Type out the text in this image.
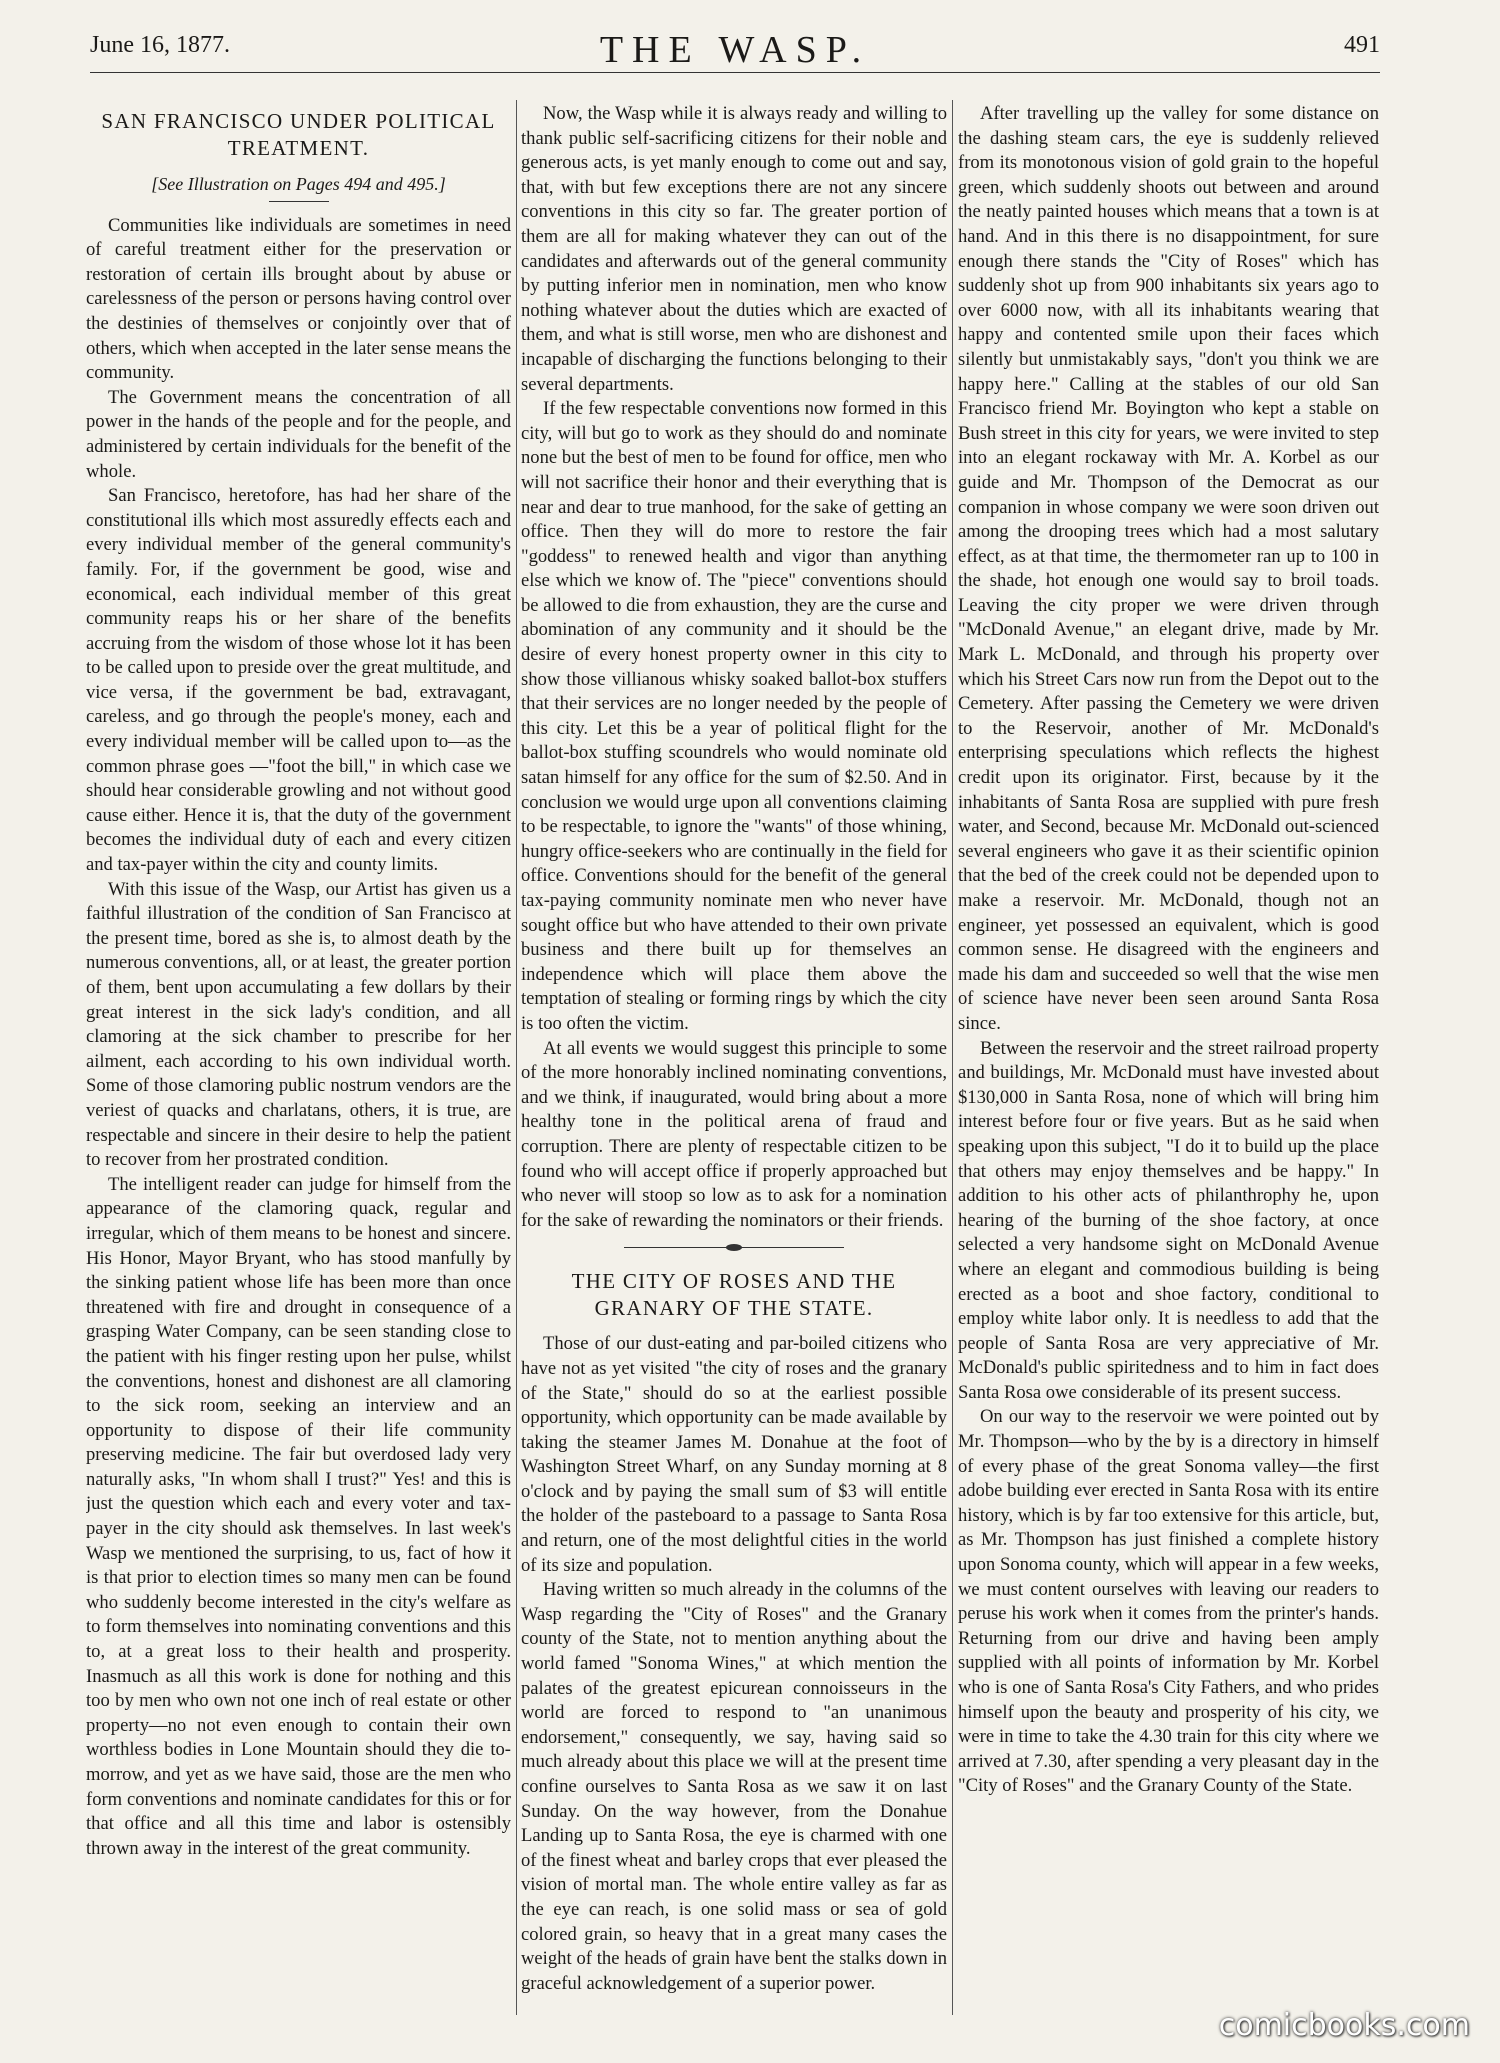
June 16, 1877.	THE WASP.	491
SAN FRANCISCO UNDER POLITICAL TREATMENT.
[See Illustration on Pages 494 and 495.]

Communities like individuals are sometimes in need of careful treatment either for the preservation or restoration of certain ills brought about by abuse or carelessness of the person or persons having control over the destinies of themselves or conjointly over that of others, which when accepted in the later sense means the community.

The Government means the concentration of all power in the hands of the people and for the people, and administered by certain individuals for the benefit of the whole.

San Francisco, heretofore, has had her share of the constitutional ills which most assuredly effects each and every individual member of the general community's family. For, if the government be good, wise and economical, each individual member of this great community reaps his or her share of the benefits accruing from the wisdom of those whose lot it has been to be called upon to preside over the great multitude, and vice versa, if the government be bad, extravagant, careless, and go through the people's money, each and every individual member will be called upon to—as the common phrase goes —"foot the bill," in which case we should hear considerable growling and not without good cause either. Hence it is, that the duty of the government becomes the individual duty of each and every citizen and tax-payer within the city and county limits.

With this issue of the Wasp, our Artist has given us a faithful illustration of the condition of San Francisco at the present time, bored as she is, to almost death by the numerous conventions, all, or at least, the greater portion of them, bent upon accumulating a few dollars by their great interest in the sick lady's condition, and all clamoring at the sick chamber to prescribe for her ailment, each according to his own individual worth. Some of those clamoring public nostrum vendors are the veriest of quacks and charlatans, others, it is true, are respectable and sincere in their desire to help the patient to recover from her prostrated condition.

The intelligent reader can judge for himself from the appearance of the clamoring quack, regular and irregular, which of them means to be honest and sincere. His Honor, Mayor Bryant, who has stood manfully by the sinking patient whose life has been more than once threatened with fire and drought in consequence of a grasping Water Company, can be seen standing close to the patient with his finger resting upon her pulse, whilst the conventions, honest and dishonest are all clamoring to the sick room, seeking an interview and an opportunity to dispose of their life community preserving medicine. The fair but overdosed lady very naturally asks, "In whom shall I trust?" Yes! and this is just the question which each and every voter and tax-payer in the city should ask themselves. In last week's Wasp we mentioned the surprising, to us, fact of how it is that prior to election times so many men can be found who suddenly become interested in the city's welfare as to form themselves into nominating conventions and this to, at a great loss to their health and prosperity. Inasmuch as all this work is done for nothing and this too by men who own not one inch of real estate or other property—no not even enough to contain their own worthless bodies in Lone Mountain should they die to-morrow, and yet as we have said, those are the men who form conventions and nominate candidates for this or for that office and all this time and labor is ostensibly thrown away in the interest of the great community.

Now, the Wasp while it is always ready and willing to thank public self-sacrificing citizens for their noble and generous acts, is yet manly enough to come out and say, that, with but few exceptions there are not any sincere conventions in this city so far. The greater portion of them are all for making whatever they can out of the candidates and afterwards out of the general community by putting inferior men in nomination, men who know nothing whatever about the duties which are exacted of them, and what is still worse, men who are dishonest and incapable of discharging the functions belonging to their several departments.

If the few respectable conventions now formed in this city, will but go to work as they should do and nominate none but the best of men to be found for office, men who will not sacrifice their honor and their everything that is near and dear to true manhood, for the sake of getting an office. Then they will do more to restore the fair "goddess" to renewed health and vigor than anything else which we know of. The "piece" conventions should be allowed to die from exhaustion, they are the curse and abomination of any community and it should be the desire of every honest property owner in this city to show those villianous whisky soaked ballot-box stuffers that their services are no longer needed by the people of this city. Let this be a year of political flight for the ballot-box stuffing scoundrels who would nominate old satan himself for any office for the sum of $2.50. And in conclusion we would urge upon all conventions claiming to be respectable, to ignore the "wants" of those whining, hungry office-seekers who are continually in the field for office. Conventions should for the benefit of the general tax-paying community nominate men who never have sought office but who have attended to their own private business and there built up for themselves an independence which will place them above the temptation of stealing or forming rings by which the city is too often the victim.

At all events we would suggest this principle to some of the more honorably inclined nominating conventions, and we think, if inaugurated, would bring about a more healthy tone in the political arena of fraud and corruption. There are plenty of respectable citizen to be found who will accept office if properly approached but who never will stoop so low as to ask for a nomination for the sake of rewarding the nominators or their friends.

THE CITY OF ROSES AND THE GRANARY OF THE STATE.

Those of our dust-eating and par-boiled citizens who have not as yet visited "the city of roses and the granary of the State," should do so at the earliest possible opportunity, which opportunity can be made available by taking the steamer James M. Donahue at the foot of Washington Street Wharf, on any Sunday morning at 8 o'clock and by paying the small sum of $3 will entitle the holder of the pasteboard to a passage to Santa Rosa and return, one of the most delightful cities in the world of its size and population.

Having written so much already in the columns of the Wasp regarding the "City of Roses" and the Granary county of the State, not to mention anything about the world famed "Sonoma Wines," at which mention the palates of the greatest epicurean connoisseurs in the world are forced to respond to "an unanimous endorsement," consequently, we say, having said so much already about this place we will at the present time confine ourselves to Santa Rosa as we saw it on last Sunday. On the way however, from the Donahue Landing up to Santa Rosa, the eye is charmed with one of the finest wheat and barley crops that ever pleased the vision of mortal man. The whole entire valley as far as the eye can reach, is one solid mass or sea of gold colored grain, so heavy that in a great many cases the weight of the heads of grain have bent the stalks down in graceful acknowledgement of a superior power.

After travelling up the valley for some distance on the dashing steam cars, the eye is suddenly relieved from its monotonous vision of gold grain to the hopeful green, which suddenly shoots out between and around the neatly painted houses which means that a town is at hand. And in this there is no disappointment, for sure enough there stands the "City of Roses" which has suddenly shot up from 900 inhabitants six years ago to over 6000 now, with all its inhabitants wearing that happy and contented smile upon their faces which silently but unmistakably says, "don't you think we are happy here." Calling at the stables of our old San Francisco friend Mr. Boyington who kept a stable on Bush street in this city for years, we were invited to step into an elegant rockaway with Mr. A. Korbel as our guide and Mr. Thompson of the Democrat as our companion in whose company we were soon driven out among the drooping trees which had a most salutary effect, as at that time, the thermometer ran up to 100 in the shade, hot enough one would say to broil toads. Leaving the city proper we were driven through "McDonald Avenue," an elegant drive, made by Mr. Mark L. McDonald, and through his property over which his Street Cars now run from the Depot out to the Cemetery. After passing the Cemetery we were driven to the Reservoir, another of Mr. McDonald's enterprising speculations which reflects the highest credit upon its originator. First, because by it the inhabitants of Santa Rosa are supplied with pure fresh water, and Second, because Mr. McDonald out-scienced several engineers who gave it as their scientific opinion that the bed of the creek could not be depended upon to make a reservoir. Mr. McDonald, though not an engineer, yet possessed an equivalent, which is good common sense. He disagreed with the engineers and made his dam and succeeded so well that the wise men of science have never been seen around Santa Rosa since.

Between the reservoir and the street railroad property and buildings, Mr. McDonald must have invested about $130,000 in Santa Rosa, none of which will bring him interest before four or five years. But as he said when speaking upon this subject, "I do it to build up the place that others may enjoy themselves and be happy." In addition to his other acts of philanthrophy he, upon hearing of the burning of the shoe factory, at once selected a very handsome sight on McDonald Avenue where an elegant and commodious building is being erected as a boot and shoe factory, conditional to employ white labor only. It is needless to add that the people of Santa Rosa are very appreciative of Mr. McDonald's public spiritedness and to him in fact does Santa Rosa owe considerable of its present success.

On our way to the reservoir we were pointed out by Mr. Thompson—who by the by is a directory in himself of every phase of the great Sonoma valley—the first adobe building ever erected in Santa Rosa with its entire history, which is by far too extensive for this article, but, as Mr. Thompson has just finished a complete history upon Sonoma county, which will appear in a few weeks, we must content ourselves with leaving our readers to peruse his work when it comes from the printer's hands. Returning from our drive and having been amply supplied with all points of information by Mr. Korbel who is one of Santa Rosa's City Fathers, and who prides himself upon the beauty and prosperity of his city, we were in time to take the 4.30 train for this city where we arrived at 7.30, after spending a very pleasant day in the "City of Roses" and the Granary County of the State.

comicbooks.com
